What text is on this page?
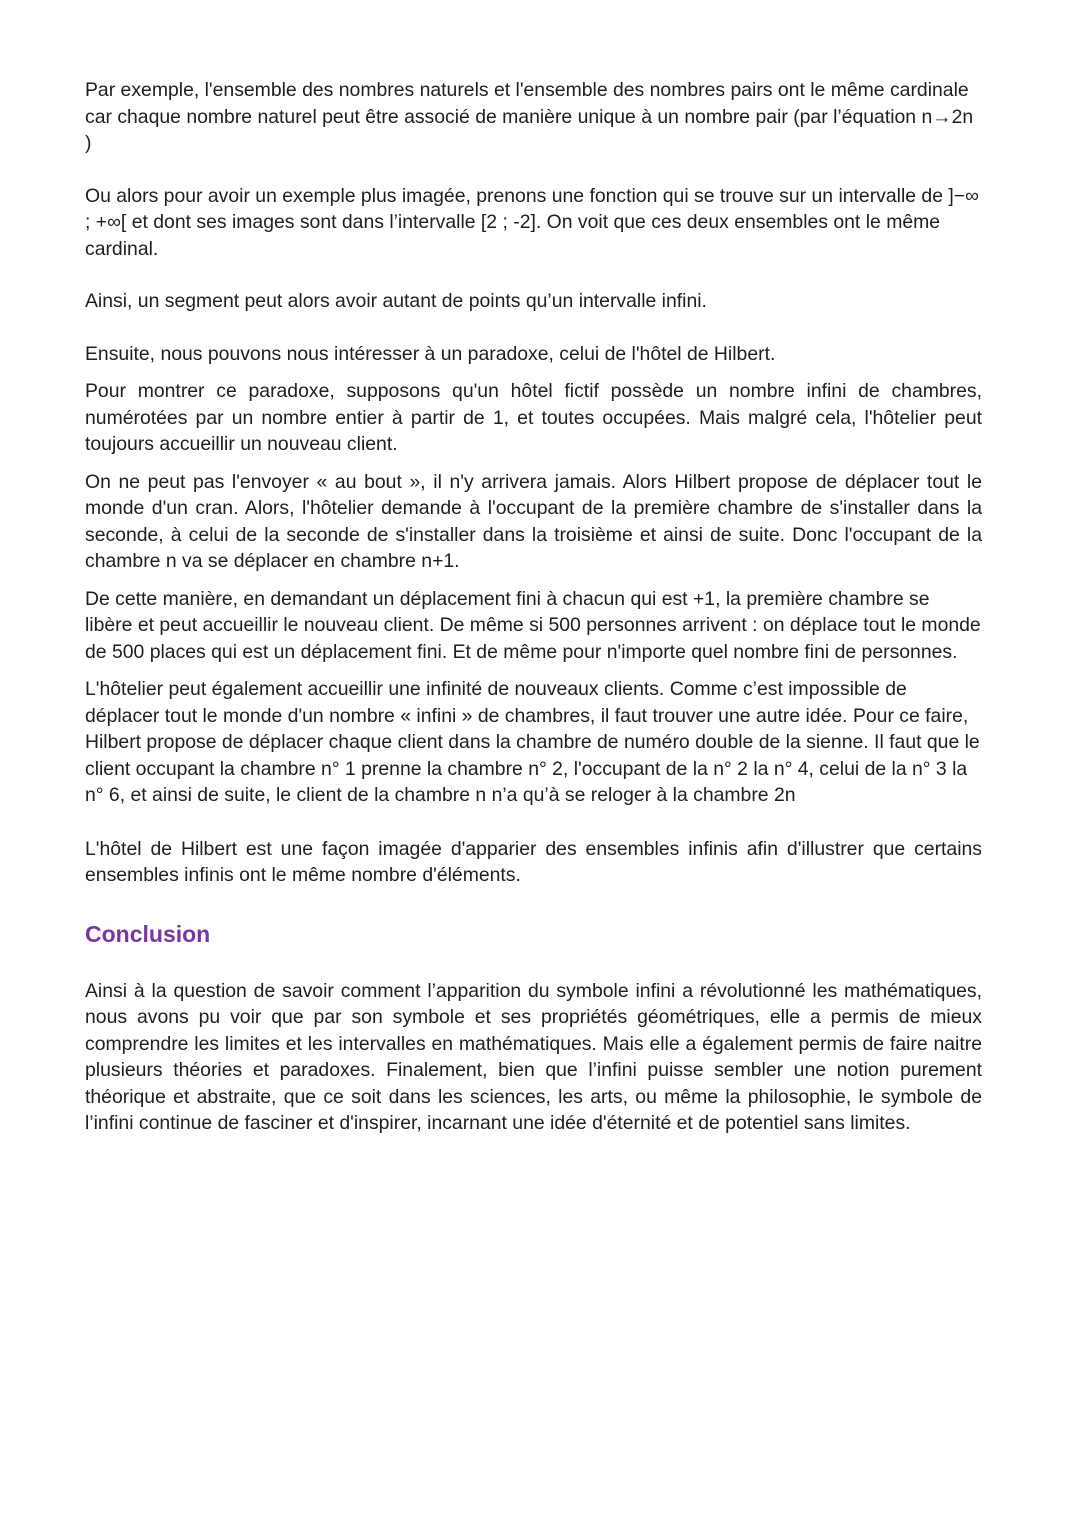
Par exemple, l'ensemble des nombres naturels et l'ensemble des nombres pairs ont le même cardinale car chaque nombre naturel peut être associé de manière unique à un nombre pair (par l’équation n→2n )

Ou alors pour avoir un exemple plus imagée, prenons une fonction qui se trouve sur un intervalle de ]−∞ ; +∞[ et dont ses images sont dans l’intervalle [2 ; -2]. On voit que ces deux ensembles ont le même cardinal.

Ainsi, un segment peut alors avoir autant de points qu’un intervalle infini.

Ensuite, nous pouvons nous intéresser à un paradoxe, celui de l'hôtel de Hilbert.

Pour montrer ce paradoxe, supposons qu'un hôtel fictif possède un nombre infini de chambres, numérotées par un nombre entier à partir de 1, et toutes occupées. Mais malgré cela, l'hôtelier peut toujours accueillir un nouveau client.

On ne peut pas l'envoyer « au bout », il n'y arrivera jamais. Alors Hilbert propose de déplacer tout le monde d'un cran. Alors, l'hôtelier demande à l'occupant de la première chambre de s'installer dans la seconde, à celui de la seconde de s'installer dans la troisième et ainsi de suite. Donc l'occupant de la chambre n va se déplacer en chambre n+1.

De cette manière, en demandant un déplacement fini à chacun qui est +1, la première chambre se libère et peut accueillir le nouveau client. De même si 500 personnes arrivent : on déplace tout le monde de 500 places qui est un déplacement fini. Et de même pour n'importe quel nombre fini de personnes.

L'hôtelier peut également accueillir une infinité de nouveaux clients. Comme c’est impossible de déplacer tout le monde d'un nombre « infini » de chambres, il faut trouver une autre idée. Pour ce faire, Hilbert propose de déplacer chaque client dans la chambre de numéro double de la sienne. Il faut que le client occupant la chambre n° 1 prenne la chambre n° 2, l'occupant de la n° 2 la n° 4, celui de la n° 3 la n° 6, et ainsi de suite, le client de la chambre n n’a qu’à se reloger à la chambre 2n

L'hôtel de Hilbert est une façon imagée d'apparier des ensembles infinis afin d'illustrer que certains ensembles infinis ont le même nombre d'éléments.

Conclusion

Ainsi à la question de savoir comment l’apparition du symbole infini a révolutionné les mathématiques, nous avons pu voir que par son symbole et ses propriétés géométriques, elle a permis de mieux comprendre les limites et les intervalles en mathématiques. Mais elle a également permis de faire naitre plusieurs théories et paradoxes. Finalement, bien que l’infini puisse sembler une notion purement théorique et abstraite, que ce soit dans les sciences, les arts, ou même la philosophie, le symbole de l’infini continue de fasciner et d'inspirer, incarnant une idée d'éternité et de potentiel sans limites.
